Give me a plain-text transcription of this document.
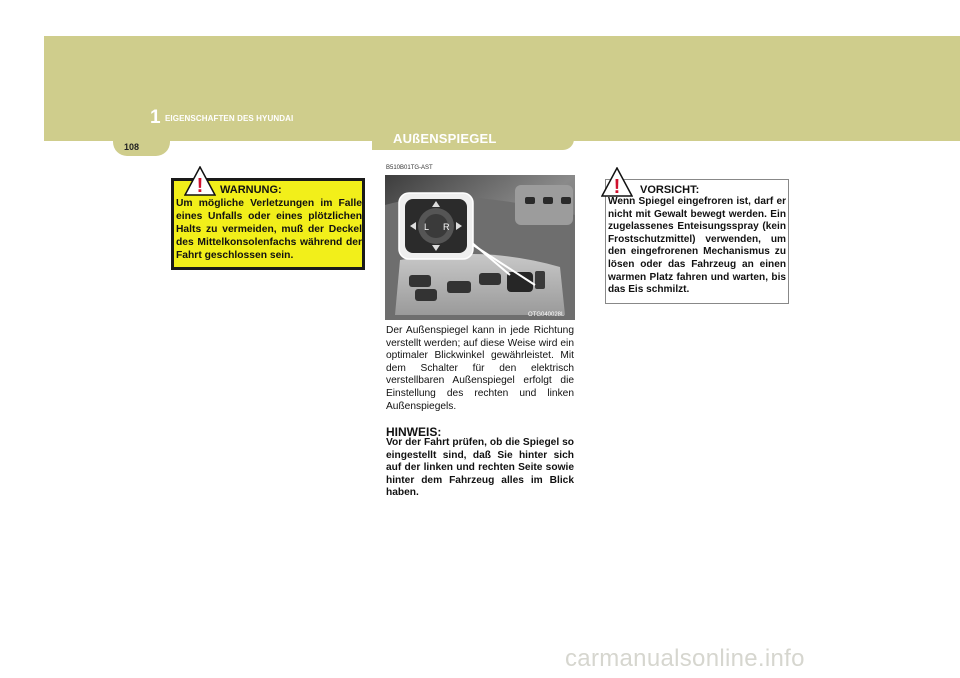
1 EIGENSCHAFTEN DES HYUNDAI
108
AUßENSPIEGEL
! WARNUNG:
Um mögliche Verletzungen im Falle eines Unfalls oder eines plötzlichen Halts zu vermeiden, muß der Deckel des Mittelkonsolenfachs während der Fahrt geschlossen sein.
B510B01TG-AST
L R
OTG040028L
Der Außenspiegel kann in jede Richtung verstellt werden; auf diese Weise wird ein optimaler Blickwinkel gewährleistet. Mit dem Schalter für den elektrisch verstellbaren Außenspiegel erfolgt die Einstellung des rechten und linken Außenspiegels.
HINWEIS:
Vor der Fahrt prüfen, ob die Spiegel so eingestellt sind, daß Sie hinter sich auf der linken und rechten Seite sowie hinter dem Fahrzeug alles im Blick haben.
! VORSICHT:
Wenn Spiegel eingefroren ist, darf er nicht mit Gewalt bewegt werden. Ein zugelassenes Enteisungsspray (kein Frostschutzmittel) verwenden, um den eingefrorenen Mechanismus zu lösen oder das Fahrzeug an einen warmen Platz fahren und warten, bis das Eis schmilzt.
carmanualsonline.info
